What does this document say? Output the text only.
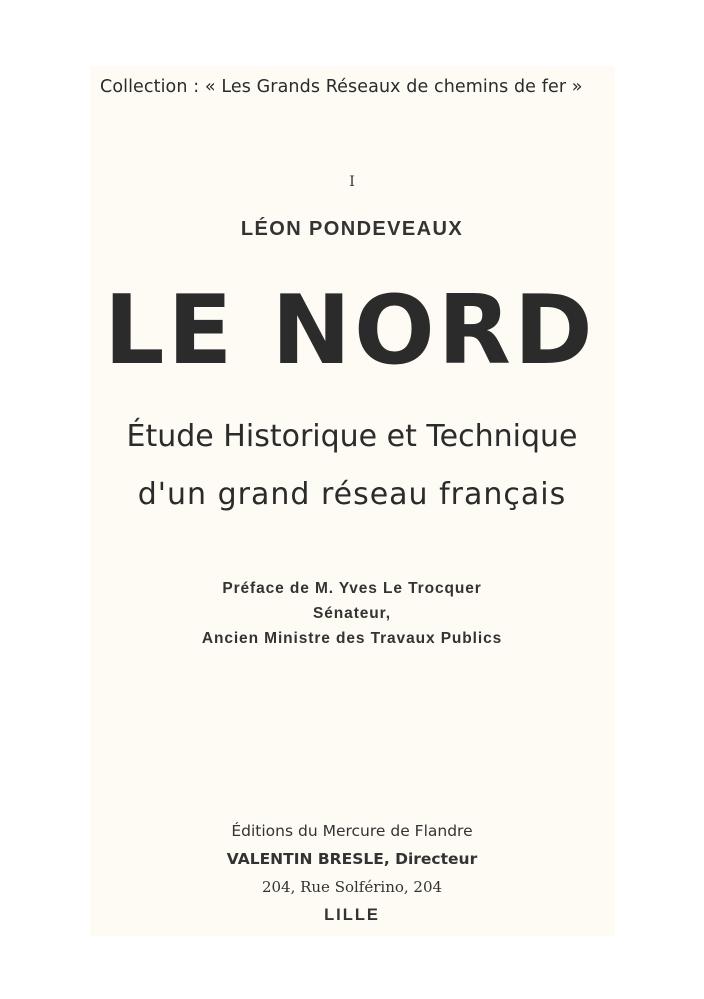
Collection : « Les Grands Réseaux de chemins de fer »
I
LÉON PONDEVEAUX
LE NORD
Étude Historique et Technique
d'un grand réseau français
Préface de M. Yves Le Trocquer
Sénateur,
Ancien Ministre des Travaux Publics
Éditions du Mercure de Flandre
VALENTIN BRESLE, Directeur
204, Rue Solférino, 204
LILLE
